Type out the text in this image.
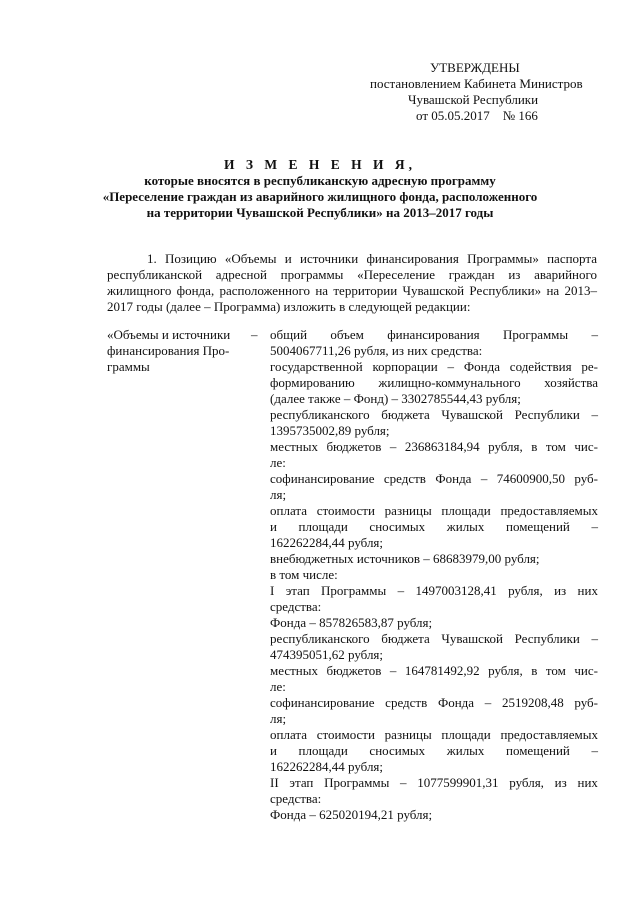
УТВЕРЖДЕНЫ
постановлением Кабинета Министров
Чувашской Республики
от 05.05.2017    № 166
И З М Е Н Е Н И Я,
которые вносятся в республиканскую адресную программу
«Переселение граждан из аварийного жилищного фонда, расположенного
на территории Чувашской Республики» на 2013–2017 годы
1. Позицию «Объемы и источники финансирования Программы» паспорта республиканской адресной программы «Переселение граждан из аварийного жилищного фонда, расположенного на территории Чувашской Республики» на 2013–2017 годы (далее – Программа) изложить в следующей редакции:
«Объемы и источники
финансирования Про-
граммы
– общий объем финансирования Программы –
5004067711,26 рубля, из них средства:
государственной корпорации – Фонда содействия ре-
формированию жилищно-коммунального хозяйства
(далее также – Фонд) – 3302785544,43 рубля;
республиканского бюджета Чувашской Республики –
1395735002,89 рубля;
местных бюджетов – 236863184,94 рубля, в том чис-
ле:
софинансирование средств Фонда – 74600900,50 руб-
ля;
оплата стоимости разницы площади предоставляемых
и площади сносимых жилых помещений –
162262284,44 рубля;
внебюджетных источников – 68683979,00 рубля;
в том числе:
I этап Программы – 1497003128,41 рубля, из них
средства:
Фонда – 857826583,87 рубля;
республиканского бюджета Чувашской Республики –
474395051,62 рубля;
местных бюджетов – 164781492,92 рубля, в том чис-
ле:
софинансирование средств Фонда – 2519208,48 руб-
ля;
оплата стоимости разницы площади предоставляемых
и площади сносимых жилых помещений –
162262284,44 рубля;
II этап Программы – 1077599901,31 рубля, из них
средства:
Фонда – 625020194,21 рубля;
